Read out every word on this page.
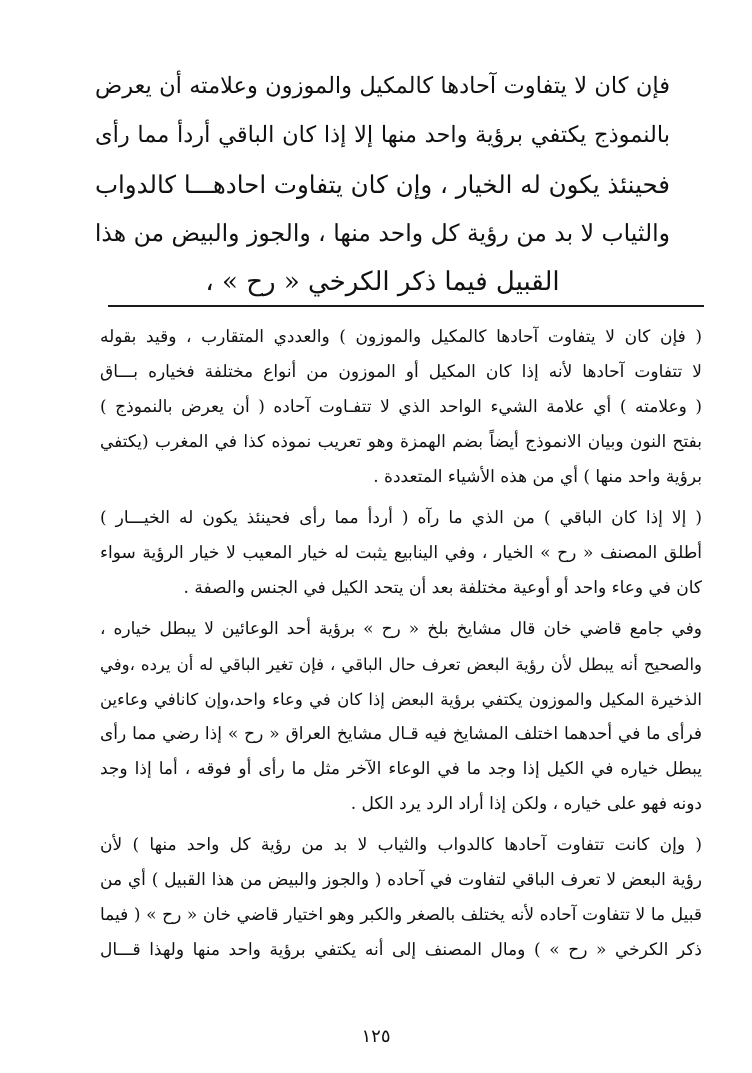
فإن كان لا يتفاوت آحادها كالمكيل والموزون وعلامته أن يعرض
بالنموذج يكتفي برؤية واحد منها إلا إذا كان الباقي أردأ مما رأى
فحينئذ يكون له الخيار ، وإن كان يتفاوت احادهـــا كالدواب
والثياب لا بد من رؤية كل واحد منها ، والجوز والبيض من هذا
القبيل فيما ذكر الكرخي « رح » ،
( فإن كان لا يتفاوت آحادها كالمكيل والموزون ) والعددي المتقارب ، وقيد بقوله
لا تتفاوت آحادها لأنه إذا كان المكيل أو الموزون من أنواع مختلفة فخياره بـــاق
( وعلامته ) أي علامة الشيء الواحد الذي لا تتفـاوت آحاده ( أن يعرض بالنموذج )
بفتح النون وبيان الانموذج أيضاً بضم الهمزة وهو تعريب نموذه كذا في المغرب (يكتفي
برؤية واحد منها ) أي من هذه الأشياء المتعددة .
( إلا إذا كان الباقي ) من الذي ما رآه ( أردأ مما رأى فحينئذ يكون له الخيـــار )
أطلق المصنف « رح » الخيار ، وفي الينابيع يثبت له خيار المعيب لا خيار الرؤية سواء
كان في وعاء واحد أو أوعية مختلفة بعد أن يتحد الكيل في الجنس والصفة .
وفي جامع قاضي خان قال مشايخ بلخ « رح » برؤية أحد الوعائين لا يبطل خياره ،
والصحيح أنه يبطل لأن رؤية البعض تعرف حال الباقي ، فإن تغير الباقي له أن يرده ،وفي
الذخيرة المكيل والموزون يكتفي برؤية البعض إذا كان في وعاء واحد،وإن كانافي وعاءين
فرأى ما في أحدهما اختلف المشايخ فيه قـال مشايخ العراق « رح » إذا رضي مما رأى
يبطل خياره في الكيل إذا وجد ما في الوعاء الآخر مثل ما رأى أو فوقه ، أما إذا وجد
دونه فهو على خياره ، ولكن إذا أراد الرد يرد الكل .
( وإن كانت تتفاوت آحادها كالدواب والثياب لا بد من رؤية كل واحد منها ) لأن
رؤية البعض لا تعرف الباقي لتفاوت في آحاده ( والجوز والبيض من هذا القبيل ) أي من
قبيل ما لا تتفاوت آحاده لأنه يختلف بالصغر والكبر وهو اختيار قاضي خان « رح » ( فيما
ذكر الكرخي « رح » ) ومال المصنف إلى أنه يكتفي برؤية واحد منها ولهذا قـــال
١٢٥
